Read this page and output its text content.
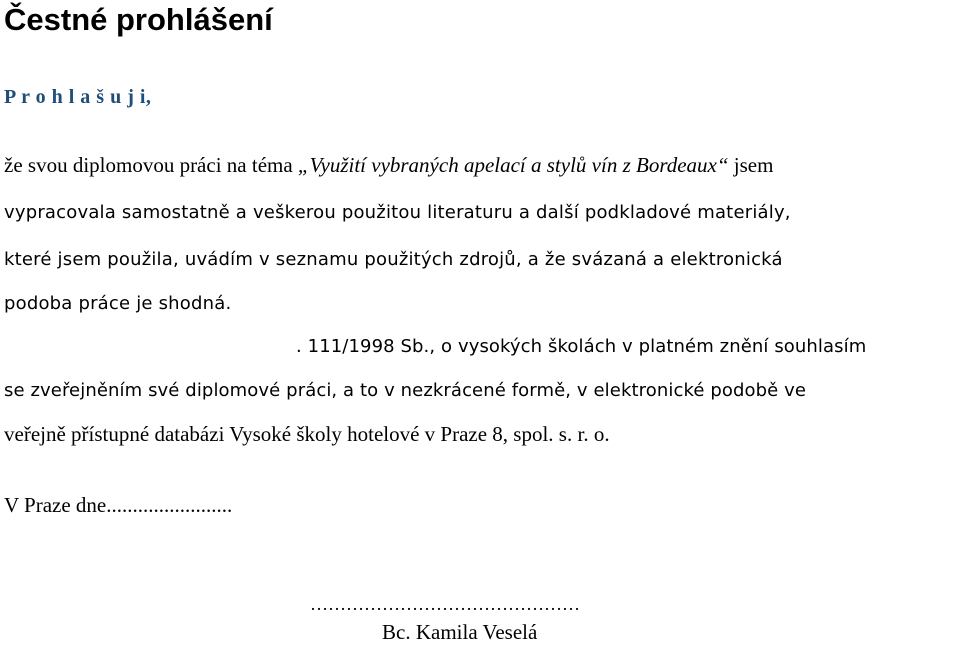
Čestné prohlášení
P r o h l a š u j i,
že svou diplomovou práci na téma „Využití vybraných apelací a stylů vín z Bordeaux“ jsem
vypracovala samostatně a veškerou použitou literaturu a další podkladové materiály,
které jsem použila, uvádím v seznamu použitých zdrojů, a že svázaná a elektronická
podoba práce je shodná.
. 111/1998 Sb., o vysokých školách v platném znění souhlasím
se zveřejněním své diplomové práci, a to v nezkrácené formě, v elektronické podobě ve
veřejně přístupné databázi Vysoké školy hotelové v Praze 8, spol. s. r. o.
V Praze dne........................
………………………………………
Bc. Kamila Veselá
